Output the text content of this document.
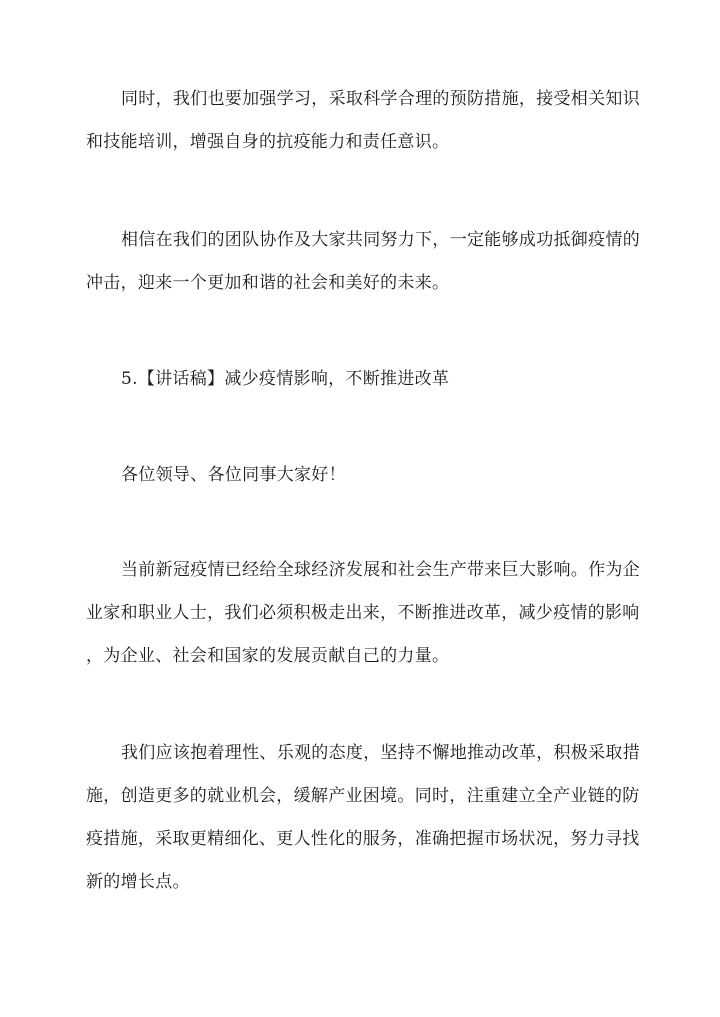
同时，我们也要加强学习，采取科学合理的预防措施，接受相关知识
和技能培训，增强自身的抗疫能力和责任意识。
相信在我们的团队协作及大家共同努力下，一定能够成功抵御疫情的
冲击，迎来一个更加和谐的社会和美好的未来。
5.【讲话稿】减少疫情影响，不断推进改革
各位领导、各位同事大家好！
当前新冠疫情已经给全球经济发展和社会生产带来巨大影响。作为企
业家和职业人士，我们必须积极走出来，不断推进改革，减少疫情的影响
，为企业、社会和国家的发展贡献自己的力量。
我们应该抱着理性、乐观的态度，坚持不懈地推动改革，积极采取措
施，创造更多的就业机会，缓解产业困境。同时，注重建立全产业链的防
疫措施，采取更精细化、更人性化的服务，准确把握市场状况，努力寻找
新的增长点。
